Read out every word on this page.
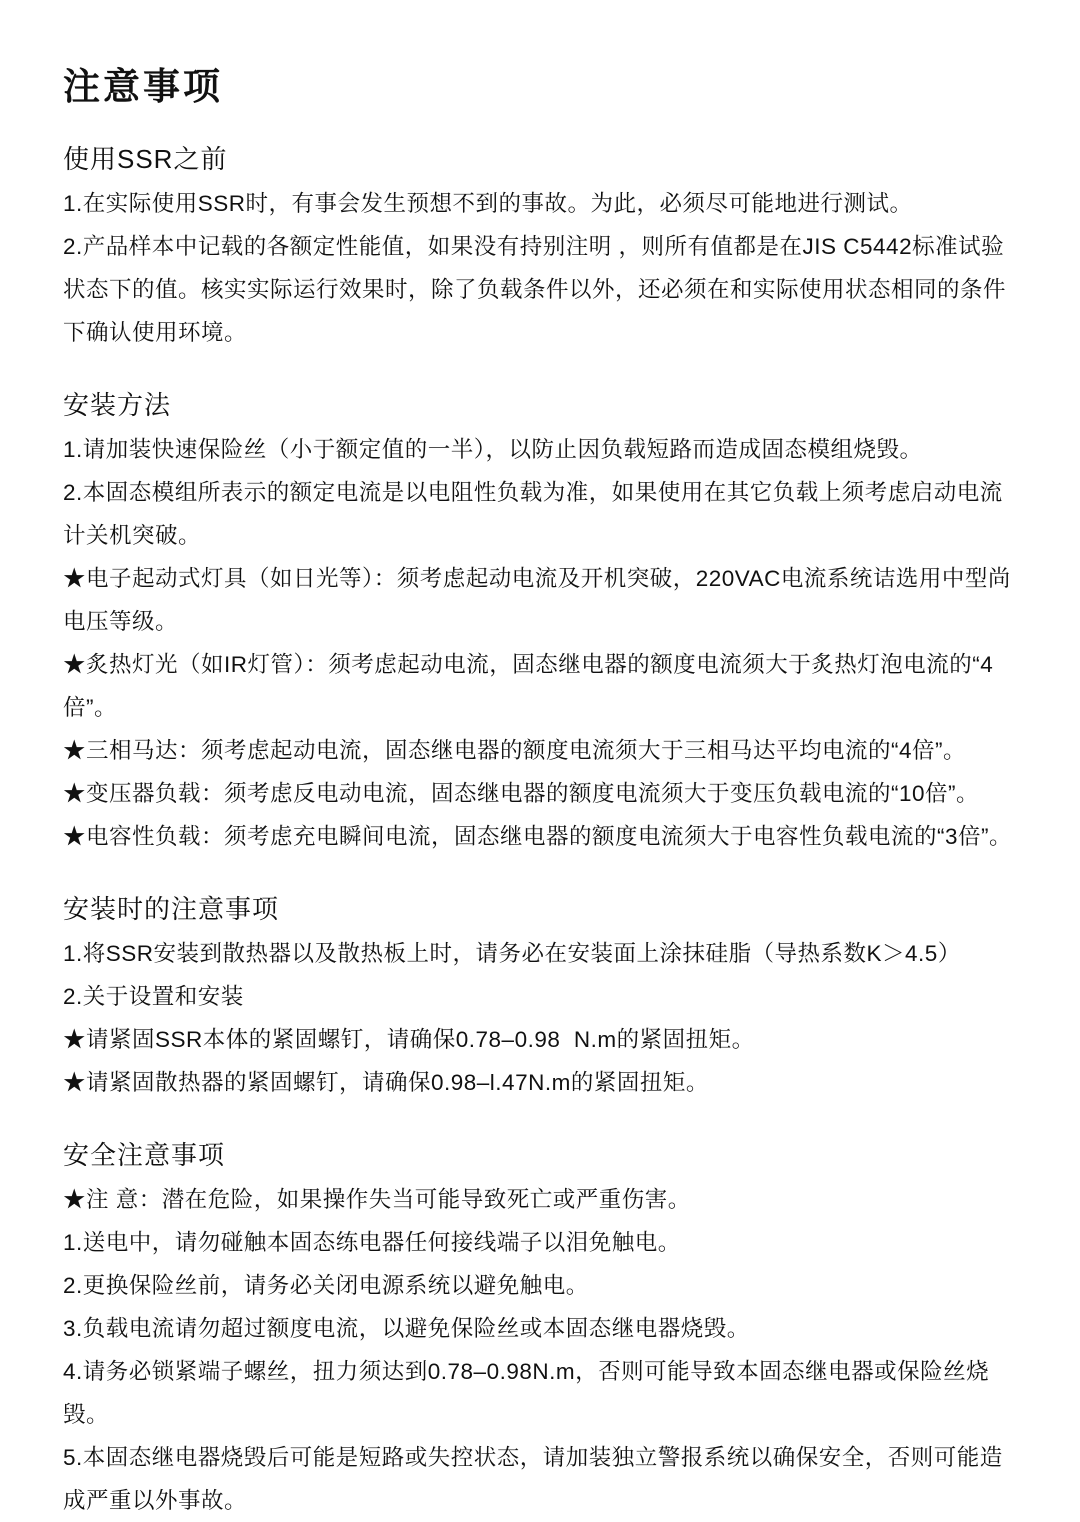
注意事项
使用SSR之前

1.在实际使用SSR时，有事会发生预想不到的事故。为此，必须尽可能地进行测试。

2.产品样本中记载的各额定性能值，如果没有持别注明 ，则所有值都是在JIS C5442标准试验状态下的值。核实实际运行效果时，除了负载条件以外，还必须在和实际使用状态相同的条件下确认使用环境。

安装方法

1.请加装快速保险丝（小于额定值的一半），以防止因负载短路而造成固态模组烧毁。

2.本固态模组所表示的额定电流是以电阻性负载为准，如果使用在其它负载上须考虑启动电流计关机突破。

★电子起动式灯具（如日光等）：须考虑起动电流及开机突破，220VAC电流系统诘选用中型尚电压等级。

★炙热灯光（如IR灯管）：须考虑起动电流，固态继电器的额度电流须大于炙热灯泡电流的“4倍”。

★三相马达：须考虑起动电流，固态继电器的额度电流须大于三相马达平均电流的“4倍”。

★变压器负载：须考虑反电动电流，固态继电器的额度电流须大于变压负载电流的“10倍”。

★电容性负载：须考虑充电瞬间电流，固态继电器的额度电流须大于电容性负载电流的“3倍”。

安装时的注意事项

1.将SSR安装到散热器以及散热板上时，请务必在安装面上涂抹硅脂（导热系数K＞4.5）

2.关于设置和安装

★请紧固SSR本体的紧固螺钉，请确保0.78–0.98  N.m的紧固扭矩。

★请紧固散热器的紧固螺钉，请确保0.98–l.47N.m的紧固扭矩。

安全注意事项

★注 意：潜在危险，如果操作失当可能导致死亡或严重伤害。

1.送电中，请勿碰触本固态练电器任何接线端子以泪免触电。

2.更换保险丝前，请务必关闭电源系统以避免触电。

3.负载电流请勿超过额度电流，以避免保险丝或本固态继电器烧毁。

4.请务必锁紧端子螺丝，扭力须达到0.78–0.98N.m，否则可能导致本固态继电器或保险丝烧毁。

5.本固态继电器烧毁后可能是短路或失控状态，请加装独立警报系统以确保安全，否则可能造成严重以外事故。
